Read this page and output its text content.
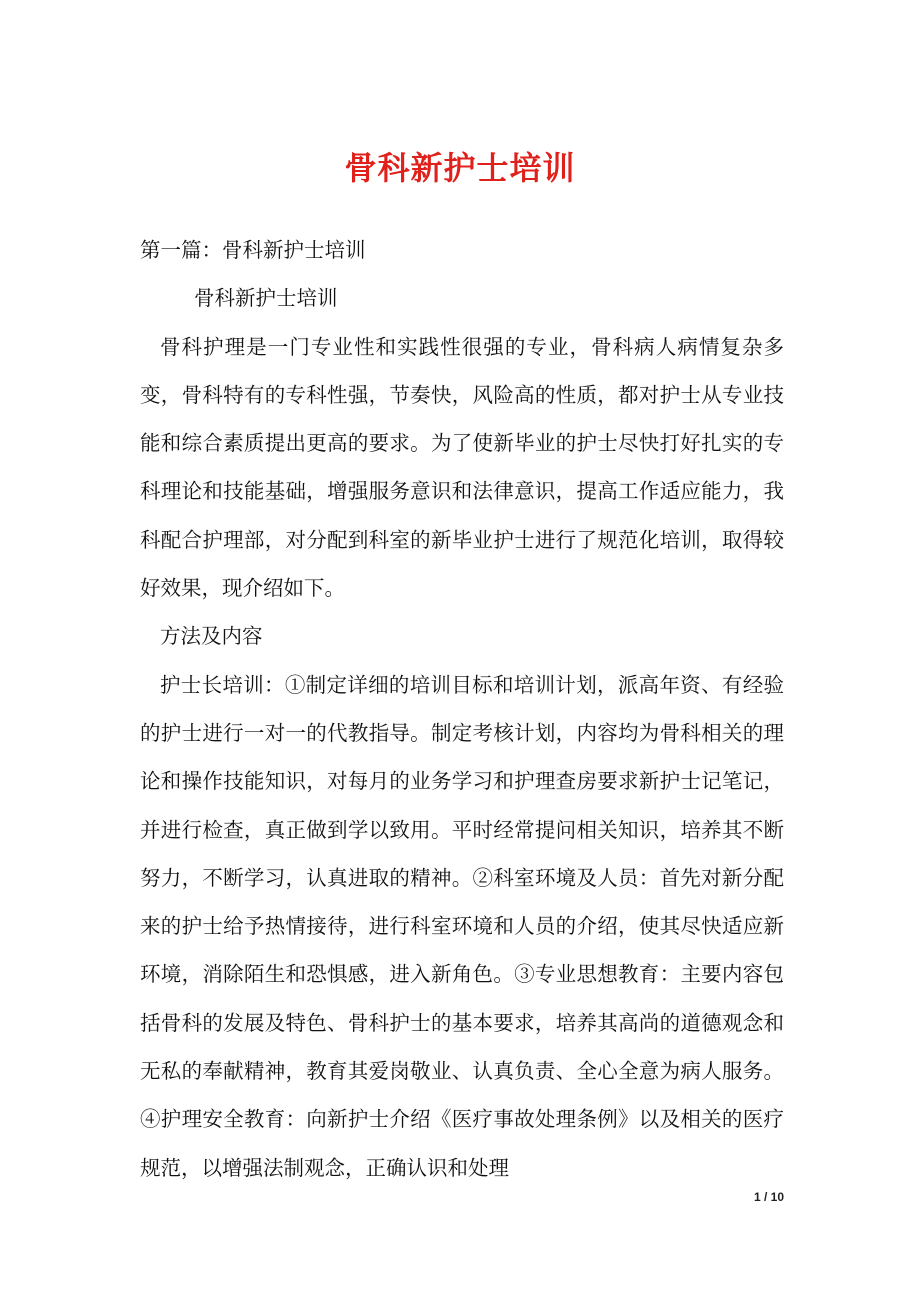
骨科新护士培训

第一篇：骨科新护士培训

骨科新护士培训

骨科护理是一门专业性和实践性很强的专业，骨科病人病情复杂多变，骨科特有的专科性强，节奏快，风险高的性质，都对护士从专业技能和综合素质提出更高的要求。为了使新毕业的护士尽快打好扎实的专科理论和技能基础，增强服务意识和法律意识，提高工作适应能力，我科配合护理部，对分配到科室的新毕业护士进行了规范化培训，取得较好效果，现介绍如下。

方法及内容

护士长培训：①制定详细的培训目标和培训计划，派高年资、有经验的护士进行一对一的代教指导。制定考核计划，内容均为骨科相关的理论和操作技能知识，对每月的业务学习和护理查房要求新护士记笔记，并进行检查，真正做到学以致用。平时经常提问相关知识，培养其不断努力，不断学习，认真进取的精神。②科室环境及人员：首先对新分配来的护士给予热情接待，进行科室环境和人员的介绍，使其尽快适应新环境，消除陌生和恐惧感，进入新角色。③专业思想教育：主要内容包括骨科的发展及特色、骨科护士的基本要求，培养其高尚的道德观念和无私的奉献精神，教育其爱岗敬业、认真负责、全心全意为病人服务。④护理安全教育：向新护士介绍《医疗事故处理条例》以及相关的医疗规范，以增强法制观念，正确认识和处理

1 / 10
